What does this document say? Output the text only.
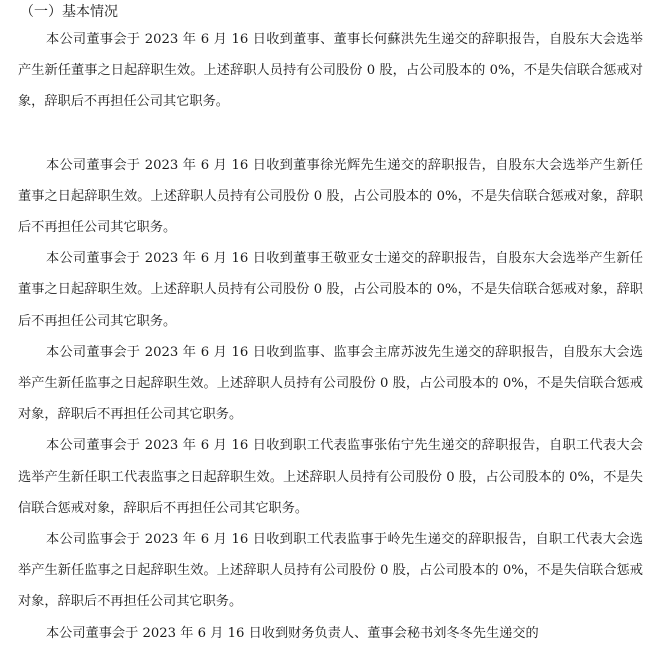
（一）基本情况

本公司董事会于 2023 年 6 月 16 日收到董事、董事长何蘇洪先生递交的辞职报告，自股东大会选举产生新任董事之日起辞职生效。上述辞职人员持有公司股份 0 股，占公司股本的 0%，不是失信联合惩戒对象，辞职后不再担任公司其它职务。

本公司董事会于 2023 年 6 月 16 日收到董事徐光辉先生递交的辞职报告，自股东大会选举产生新任董事之日起辞职生效。上述辞职人员持有公司股份 0 股，占公司股本的 0%，不是失信联合惩戒对象，辞职后不再担任公司其它职务。

本公司董事会于 2023 年 6 月 16 日收到董事王敬亚女士递交的辞职报告，自股东大会选举产生新任董事之日起辞职生效。上述辞职人员持有公司股份 0 股，占公司股本的 0%，不是失信联合惩戒对象，辞职后不再担任公司其它职务。

本公司董事会于 2023 年 6 月 16 日收到监事、监事会主席苏波先生递交的辞职报告，自股东大会选举产生新任监事之日起辞职生效。上述辞职人员持有公司股份 0 股，占公司股本的 0%，不是失信联合惩戒对象，辞职后不再担任公司其它职务。

本公司董事会于 2023 年 6 月 16 日收到职工代表监事张佑宁先生递交的辞职报告，自职工代表大会选举产生新任职工代表监事之日起辞职生效。上述辞职人员持有公司股份 0 股，占公司股本的 0%，不是失信联合惩戒对象，辞职后不再担任公司其它职务。

本公司监事会于 2023 年 6 月 16 日收到职工代表监事于岭先生递交的辞职报告，自职工代表大会选举产生新任监事之日起辞职生效。上述辞职人员持有公司股份 0 股，占公司股本的 0%，不是失信联合惩戒对象，辞职后不再担任公司其它职务。

本公司董事会于 2023 年 6 月 16 日收到财务负责人、董事会秘书刘冬冬先生递交的
